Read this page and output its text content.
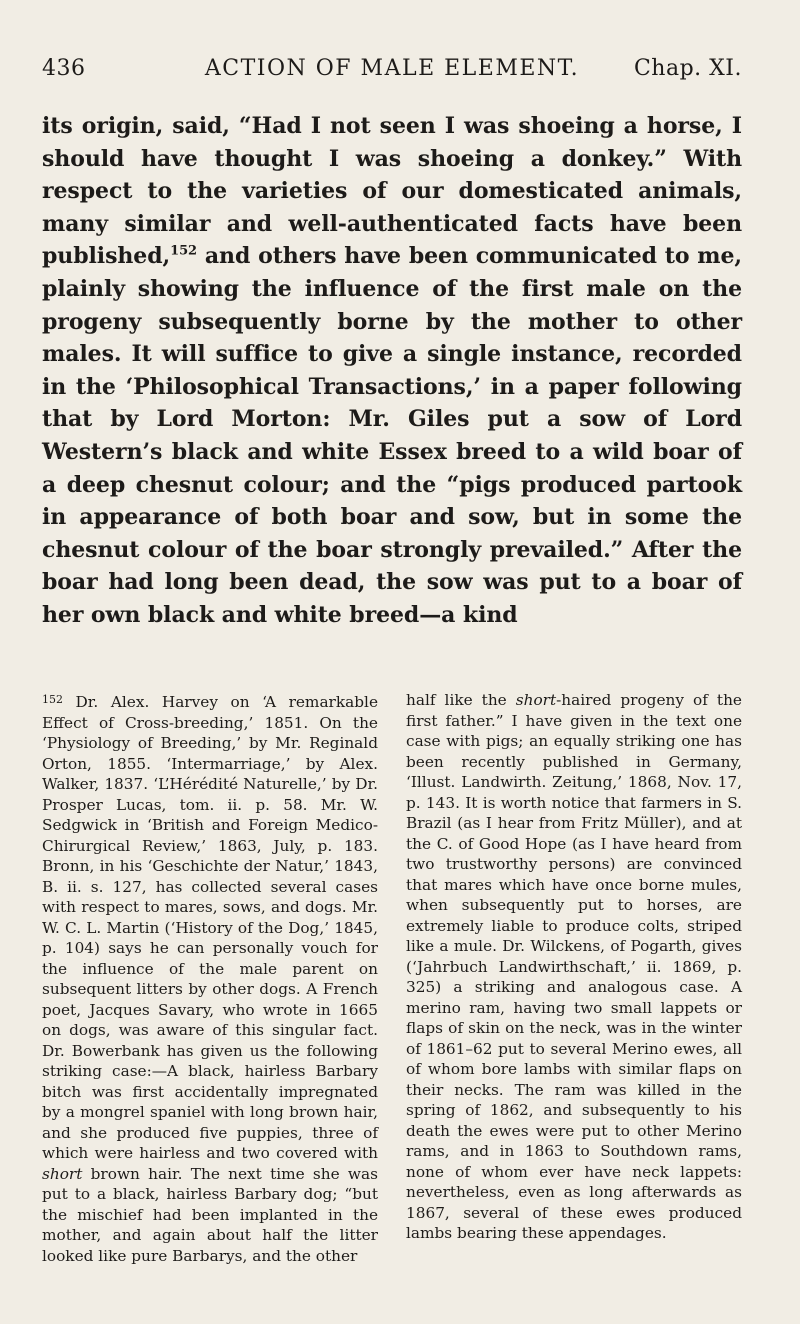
436	ACTION OF MALE ELEMENT. Chap. XI.

its origin, said, “Had I not seen I was shoeing a horse, I should have thought I was shoeing a donkey.” With respect to the varieties of our domesticated animals, many similar and well-authenticated facts have been published,$^{152}$ and others have been communicated to me, plainly showing the influence of the first male on the progeny subsequently borne by the mother to other males. It will suffice to give a single instance, recorded in the ‘Philosophical Transactions,’ in a paper following that by Lord Morton: Mr. Giles put a sow of Lord Western’s black and white Essex breed to a wild boar of a deep chesnut colour; and the “pigs produced partook in appearance of both boar and sow, but in some the chesnut colour of the boar strongly prevailed.” After the boar had long been dead, the sow was put to a boar of her own black and white breed—a kind

$^{152}$ Dr. Alex. Harvey on ‘A remarkable Effect of Cross-breeding,’ 1851. On the ‘Physiology of Breeding,’ by Mr. Reginald Orton, 1855. ‘Intermarriage,’ by Alex. Walker, 1837. ‘L’Hérédité Naturelle,’ by Dr. Prosper Lucas, tom. ii. p. 58. Mr. W. Sedgwick in ‘British and Foreign Medico-Chirurgical Review,’ 1863, July, p. 183. Bronn, in his ‘Geschichte der Natur,’ 1843, B. ii. s. 127, has collected several cases with respect to mares, sows, and dogs. Mr. W. C. L. Martin (‘History of the Dog,’ 1845, p. 104) says he can personally vouch for the influence of the male parent on subsequent litters by other dogs. A French poet, Jacques Savary, who wrote in 1665 on dogs, was aware of this singular fact. Dr. Bowerbank has given us the following striking case:—A black, hairless Barbary bitch was first accidentally impregnated by a mongrel spaniel with long brown hair, and she produced five puppies, three of which were hairless and two covered with short brown hair. The next time she was put to a black, hairless Barbary dog; “but the mischief had been implanted in the mother, and again about half the litter looked like pure Barbarys, and the other

half like the short-haired progeny of the first father.” I have given in the text one case with pigs; an equally striking one has been recently published in Germany, ‘Illust. Landwirth. Zeitung,’ 1868, Nov. 17, p. 143. It is worth notice that farmers in S. Brazil (as I hear from Fritz Müller), and at the C. of Good Hope (as I have heard from two trustworthy persons) are convinced that mares which have once borne mules, when subsequently put to horses, are extremely liable to produce colts, striped like a mule. Dr. Wilckens, of Pogarth, gives (‘Jahrbuch Landwirthschaft,’ ii. 1869, p. 325) a striking and analogous case. A merino ram, having two small lappets or flaps of skin on the neck, was in the winter of 1861–62 put to several Merino ewes, all of whom bore lambs with similar flaps on their necks. The ram was killed in the spring of 1862, and subsequently to his death the ewes were put to other Merino rams, and in 1863 to Southdown rams, none of whom ever have neck lappets: nevertheless, even as long afterwards as 1867, several of these ewes produced lambs bearing these appendages.
